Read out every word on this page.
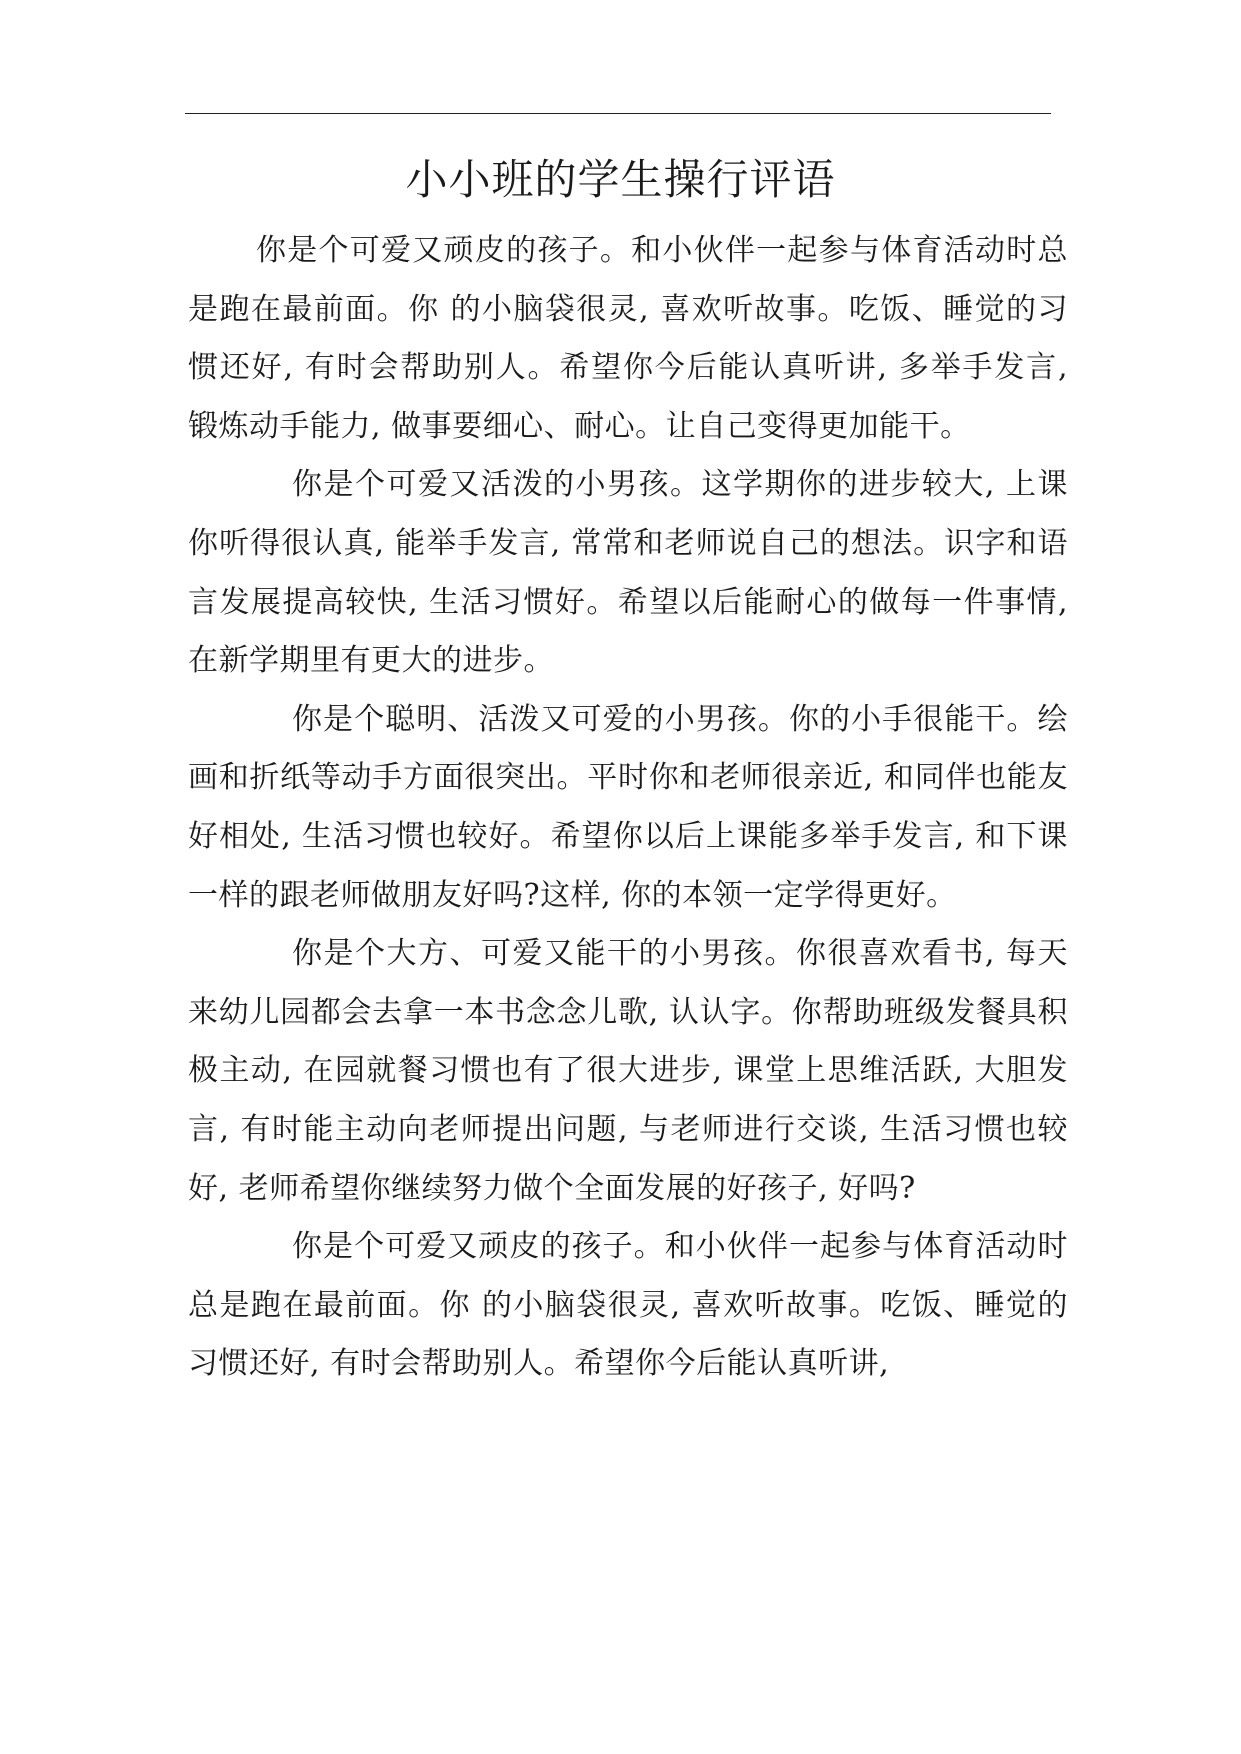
小小班的学生操行评语

你是个可爱又顽皮的孩子。和小伙伴一起参与体育活动时总是跑在最前面。你 的小脑袋很灵, 喜欢听故事。吃饭、睡觉的习惯还好, 有时会帮助别人。希望你今后能认真听讲, 多举手发言, 锻炼动手能力, 做事要细心、耐心。让自己变得更加能干。

你是个可爱又活泼的小男孩。这学期你的进步较大, 上课你听得很认真, 能举手发言, 常常和老师说自己的想法。识字和语言发展提高较快, 生活习惯好。希望以后能耐心的做每一件事情, 在新学期里有更大的进步。

你是个聪明、活泼又可爱的小男孩。你的小手很能干。绘画和折纸等动手方面很突出。平时你和老师很亲近, 和同伴也能友好相处, 生活习惯也较好。希望你以后上课能多举手发言, 和下课一样的跟老师做朋友好吗?这样, 你的本领一定学得更好。

你是个大方、可爱又能干的小男孩。你很喜欢看书, 每天来幼儿园都会去拿一本书念念儿歌, 认认字。你帮助班级发餐具积极主动, 在园就餐习惯也有了很大进步, 课堂上思维活跃, 大胆发言, 有时能主动向老师提出问题, 与老师进行交谈, 生活习惯也较好, 老师希望你继续努力做个全面发展的好孩子, 好吗?

你是个可爱又顽皮的孩子。和小伙伴一起参与体育活动时总是跑在最前面。你 的小脑袋很灵, 喜欢听故事。吃饭、睡觉的习惯还好, 有时会帮助别人。希望你今后能认真听讲,
